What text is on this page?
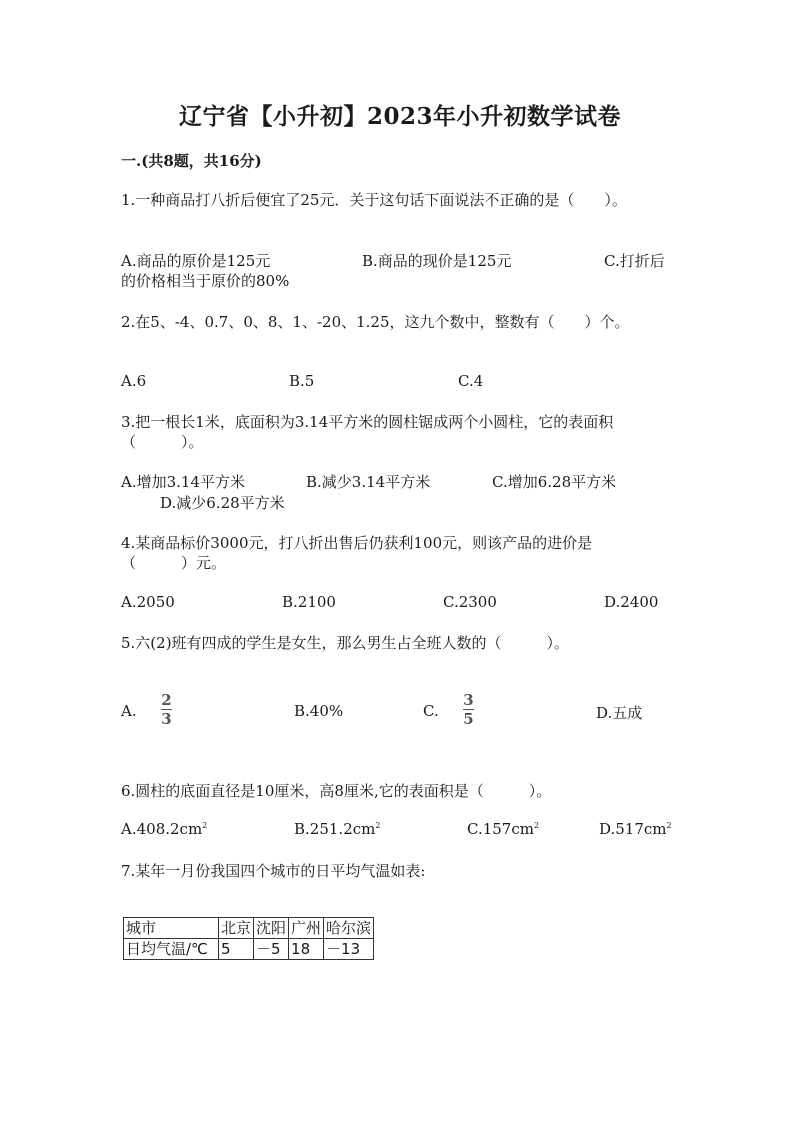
辽宁省【小升初】2023年小升初数学试卷
一.(共8题，共16分)
1.一种商品打八折后便宜了25元．关于这句话下面说法不正确的是（　　）。
A.商品的原价是125元	B.商品的现价是125元	C.打折后
的价格相当于原价的80%
2.在5、-4、0.7、0、8、1、-20、1.25，这九个数中，整数有（　　）个。
A.6	B.5	C.4
3.把一根长1米，底面积为3.14平方米的圆柱锯成两个小圆柱，它的表面积
（　　　）。
A.增加3.14平方米	B.减少3.14平方米	C.增加6.28平方米
D.减少6.28平方米
4.某商品标价3000元，打八折出售后仍获利100元，则该产品的进价是
（　　　）元。
A.2050	B.2100	C.2300	D.2400
5.六(2)班有四成的学生是女生，那么男生占全班人数的（　　　）。
A.
2
3	B.40%	C.
3
5	D.五成
6.圆柱的底面直径是10厘米，高8厘米,它的表面积是（　　　）。
$A.408.2cm^2$	$B.251.2cm^2$	$C.157cm^2$	$D.517cm^2$
7.某年一月份我国四个城市的日平均气温如表:
城市	北京	沈阳	广州	哈尔滨
日均气温/℃	5	－5	18	－13
